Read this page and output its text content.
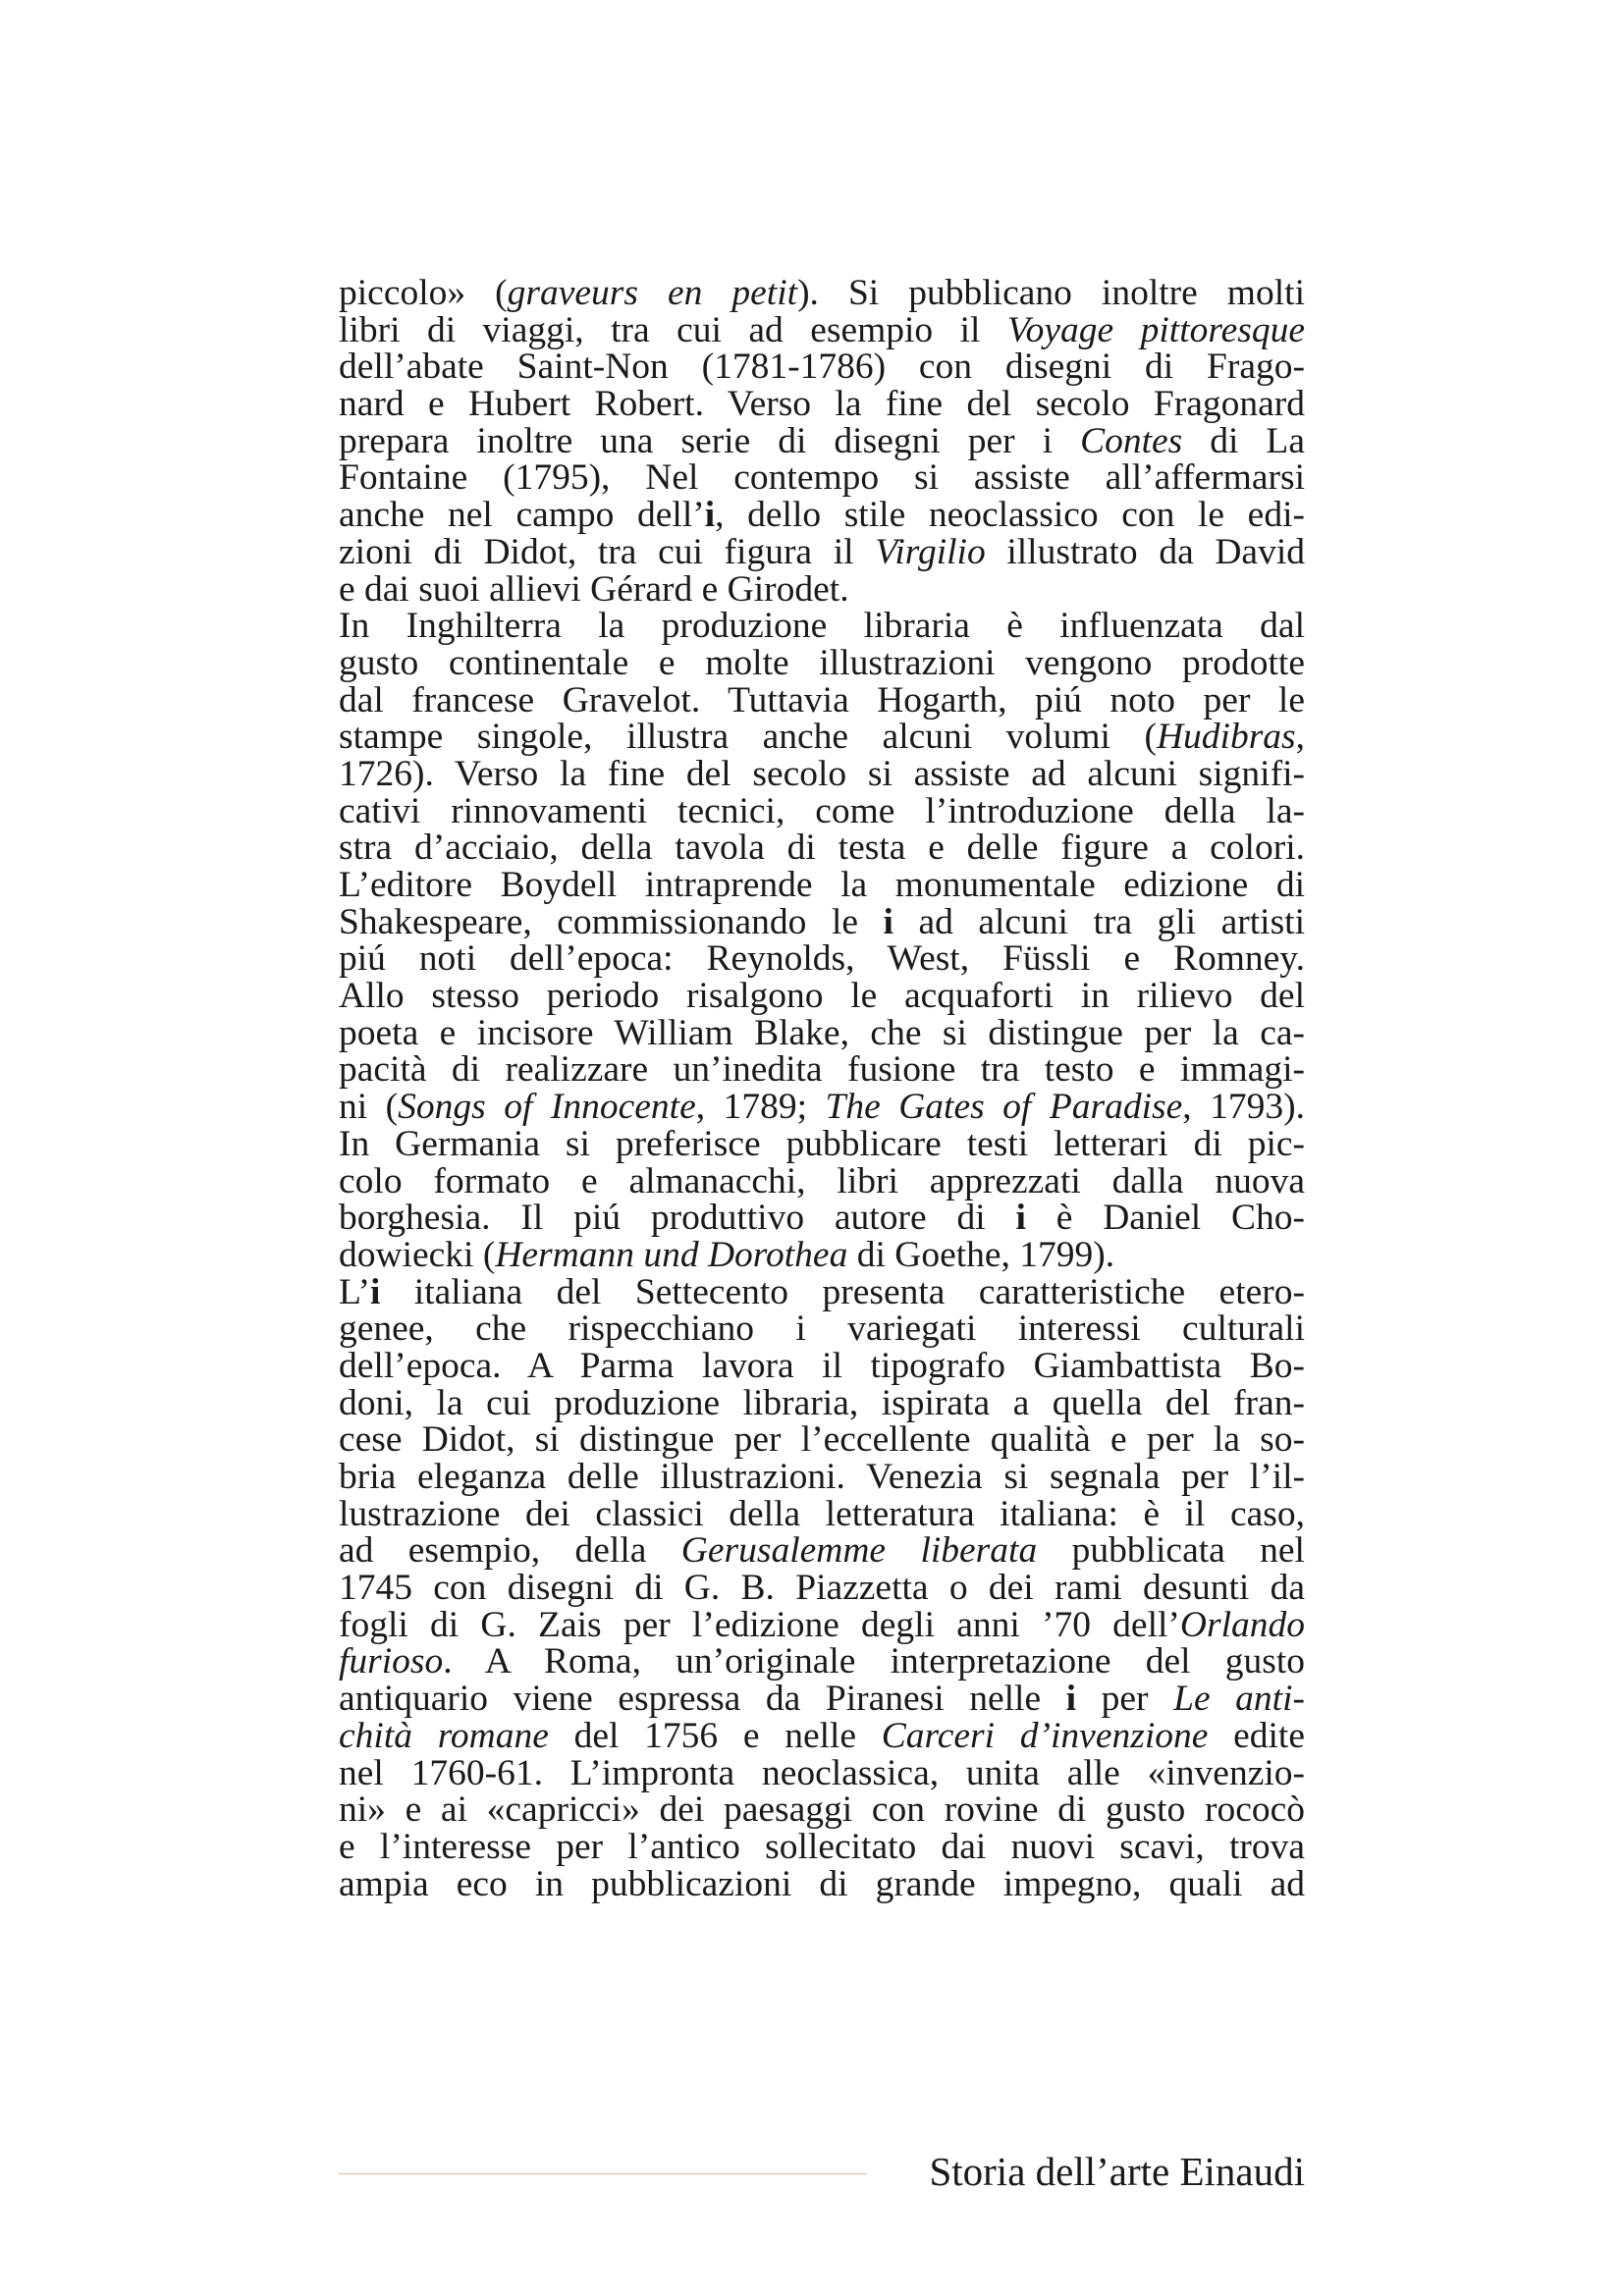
piccolo» (graveurs en petit). Si pubblicano inoltre molti
libri di viaggi, tra cui ad esempio il Voyage pittoresque
dell’abate Saint-Non (1781-1786) con disegni di Frago-
nard e Hubert Robert. Verso la fine del secolo Fragonard
prepara inoltre una serie di disegni per i Contes di La
Fontaine (1795), Nel contempo si assiste all’affermarsi
anche nel campo dell’i, dello stile neoclassico con le edi-
zioni di Didot, tra cui figura il Virgilio illustrato da David
e dai suoi allievi Gérard e Girodet.
In Inghilterra la produzione libraria è influenzata dal
gusto continentale e molte illustrazioni vengono prodotte
dal francese Gravelot. Tuttavia Hogarth, piú noto per le
stampe singole, illustra anche alcuni volumi (Hudibras,
1726). Verso la fine del secolo si assiste ad alcuni signifi-
cativi rinnovamenti tecnici, come l’introduzione della la-
stra d’acciaio, della tavola di testa e delle figure a colori.
L’editore Boydell intraprende la monumentale edizione di
Shakespeare, commissionando le i ad alcuni tra gli artisti
piú noti dell’epoca: Reynolds, West, Füssli e Romney.
Allo stesso periodo risalgono le acquaforti in rilievo del
poeta e incisore William Blake, che si distingue per la ca-
pacità di realizzare un’inedita fusione tra testo e immagi-
ni (Songs of Innocente, 1789; The Gates of Paradise, 1793).
In Germania si preferisce pubblicare testi letterari di pic-
colo formato e almanacchi, libri apprezzati dalla nuova
borghesia. Il piú produttivo autore di i è Daniel Cho-
dowiecki (Hermann und Dorothea di Goethe, 1799).
L’i italiana del Settecento presenta caratteristiche etero-
genee, che rispecchiano i variegati interessi culturali
dell’epoca. A Parma lavora il tipografo Giambattista Bo-
doni, la cui produzione libraria, ispirata a quella del fran-
cese Didot, si distingue per l’eccellente qualità e per la so-
bria eleganza delle illustrazioni. Venezia si segnala per l’il-
lustrazione dei classici della letteratura italiana: è il caso,
ad esempio, della Gerusalemme liberata pubblicata nel
1745 con disegni di G. B. Piazzetta o dei rami desunti da
fogli di G. Zais per l’edizione degli anni ’70 dell’Orlando
furioso. A Roma, un’originale interpretazione del gusto
antiquario viene espressa da Piranesi nelle i per Le anti-
chità romane del 1756 e nelle Carceri d’invenzione edite
nel 1760-61. L’impronta neoclassica, unita alle «invenzio-
ni» e ai «capricci» dei paesaggi con rovine di gusto rococò
e l’interesse per l’antico sollecitato dai nuovi scavi, trova
ampia eco in pubblicazioni di grande impegno, quali ad
Storia dell’arte Einaudi
